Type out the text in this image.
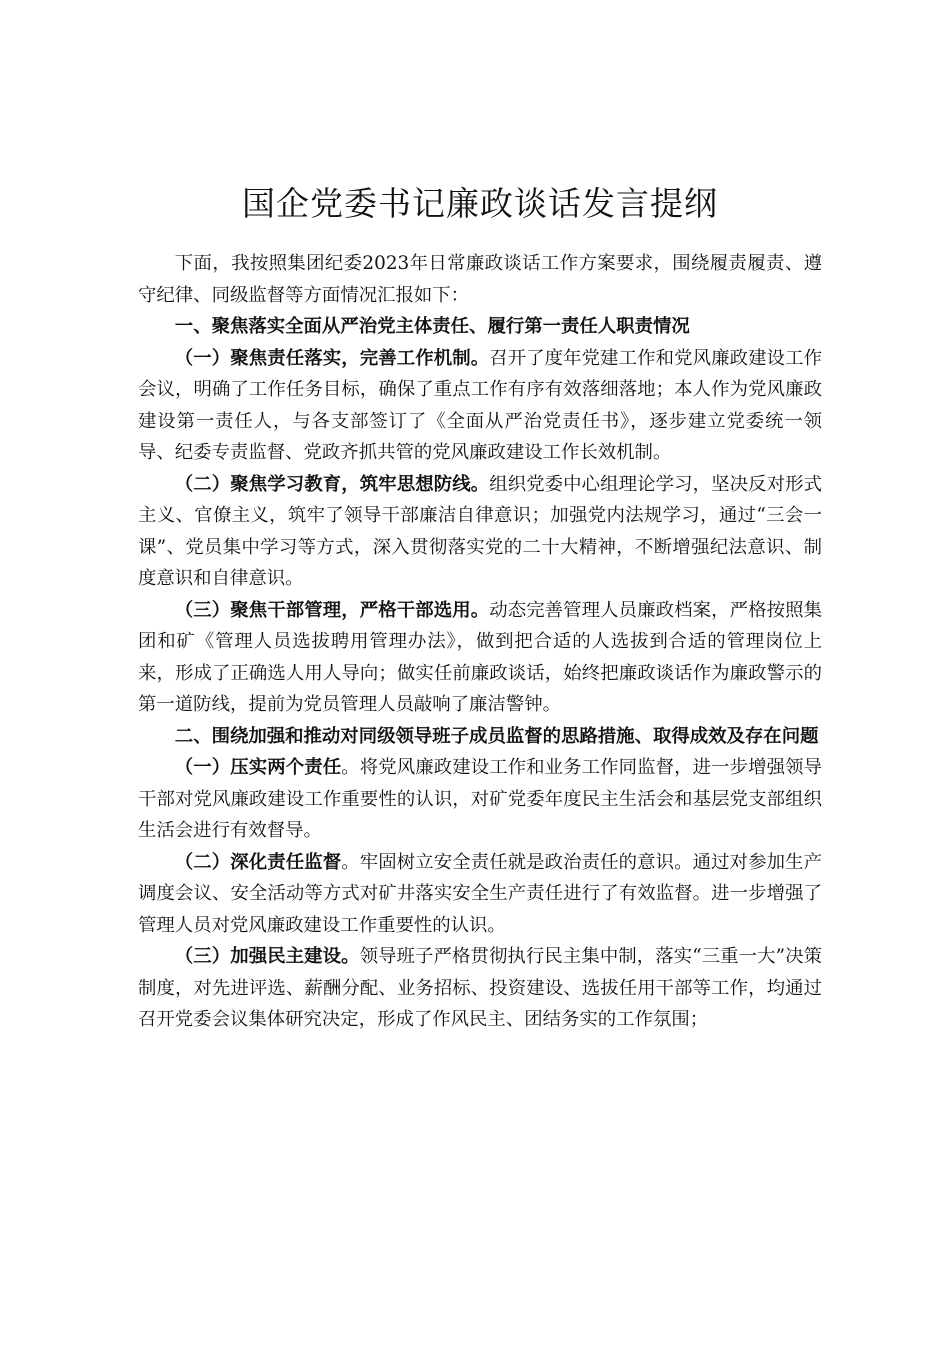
国企党委书记廉政谈话发言提纲

下面，我按照集团纪委2023年日常廉政谈话工作方案要求，围绕履责履责、遵守纪律、同级监督等方面情况汇报如下：

一、聚焦落实全面从严治党主体责任、履行第一责任人职责情况

（一）聚焦责任落实，完善工作机制。召开了度年党建工作和党风廉政建设工作会议，明确了工作任务目标，确保了重点工作有序有效落细落地；本人作为党风廉政建设第一责任人，与各支部签订了《全面从严治党责任书》，逐步建立党委统一领导、纪委专责监督、党政齐抓共管的党风廉政建设工作长效机制。

（二）聚焦学习教育，筑牢思想防线。组织党委中心组理论学习，坚决反对形式主义、官僚主义，筑牢了领导干部廉洁自律意识；加强党内法规学习，通过“三会一课”、党员集中学习等方式，深入贯彻落实党的二十大精神，不断增强纪法意识、制度意识和自律意识。

（三）聚焦干部管理，严格干部选用。动态完善管理人员廉政档案，严格按照集团和矿《管理人员选拔聘用管理办法》，做到把合适的人选拔到合适的管理岗位上来，形成了正确选人用人导向；做实任前廉政谈话，始终把廉政谈话作为廉政警示的第一道防线，提前为党员管理人员敲响了廉洁警钟。

二、围绕加强和推动对同级领导班子成员监督的思路措施、取得成效及存在问题

（一）压实两个责任。将党风廉政建设工作和业务工作同监督，进一步增强领导干部对党风廉政建设工作重要性的认识，对矿党委年度民主生活会和基层党支部组织生活会进行有效督导。

（二）深化责任监督。牢固树立安全责任就是政治责任的意识。通过对参加生产调度会议、安全活动等方式对矿井落实安全生产责任进行了有效监督。进一步增强了管理人员对党风廉政建设工作重要性的认识。

（三）加强民主建设。领导班子严格贯彻执行民主集中制，落实“三重一大”决策制度，对先进评选、薪酬分配、业务招标、投资建设、选拔任用干部等工作，均通过召开党委会议集体研究决定，形成了作风民主、团结务实的工作氛围；
